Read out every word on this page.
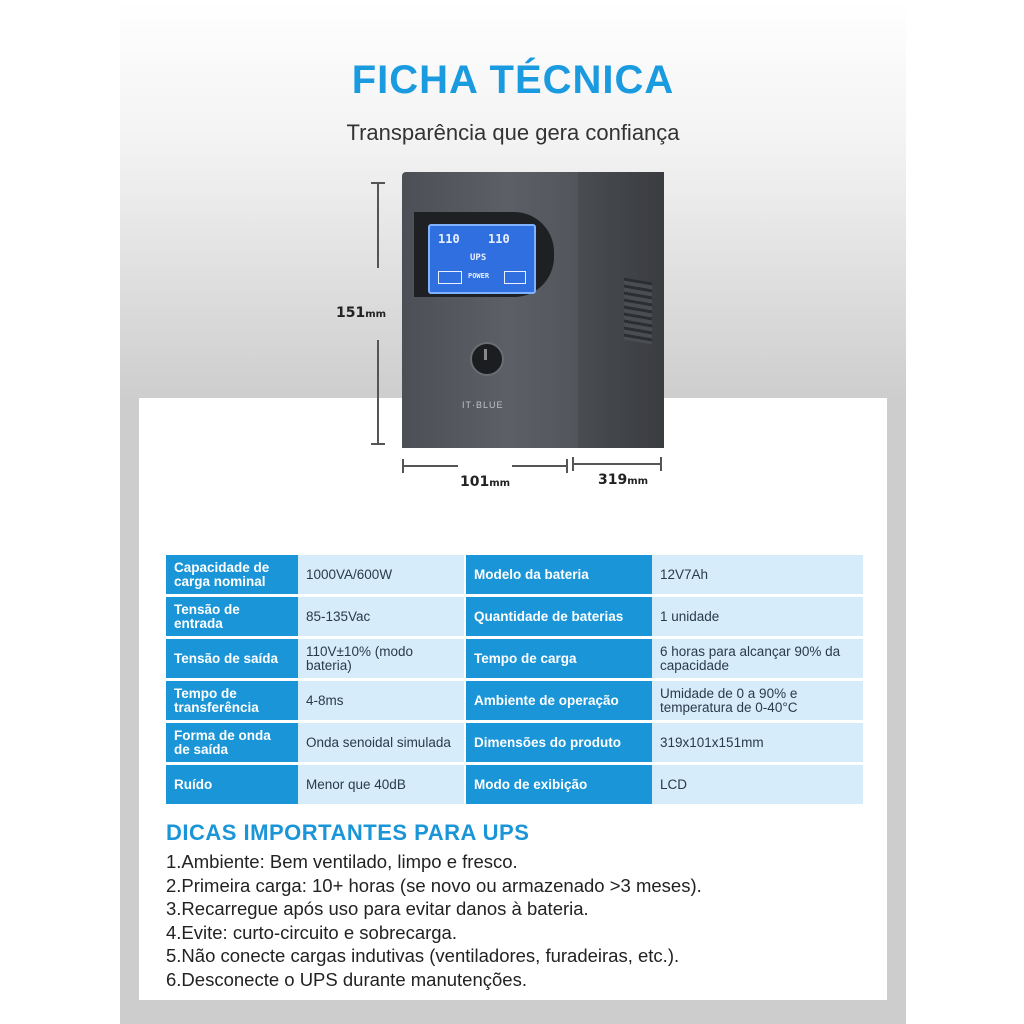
FICHA TÉCNICA

Transparência que gera confiança

151mm
101mm	319mm
110 110
UPS
POWER
IT·BLUE
Capacidade de carga nominal	1000VA/600W		Modelo da bateria	12V7Ah
Tensão de entrada	85-135Vac		Quantidade de baterias	1 unidade
Tensão de saída	110V±10% (modo bateria)		Tempo de carga	6 horas para alcançar 90% da capacidade
Tempo de transferência	4-8ms		Ambiente de operação	Umidade de 0 a 90% e temperatura de 0-40°C
Forma de onda de saída	Onda senoidal simulada		Dimensões do produto	319x101x151mm
Ruído	Menor que 40dB		Modo de exibição	LCD
DICAS IMPORTANTES PARA UPS
1.Ambiente: Bem ventilado, limpo e fresco.
2.Primeira carga: 10+ horas (se novo ou armazenado >3 meses).
3.Recarregue após uso para evitar danos à bateria.
4.Evite: curto-circuito e sobrecarga.
5.Não conecte cargas indutivas (ventiladores, furadeiras, etc.).
6.Desconecte o UPS durante manutenções.
